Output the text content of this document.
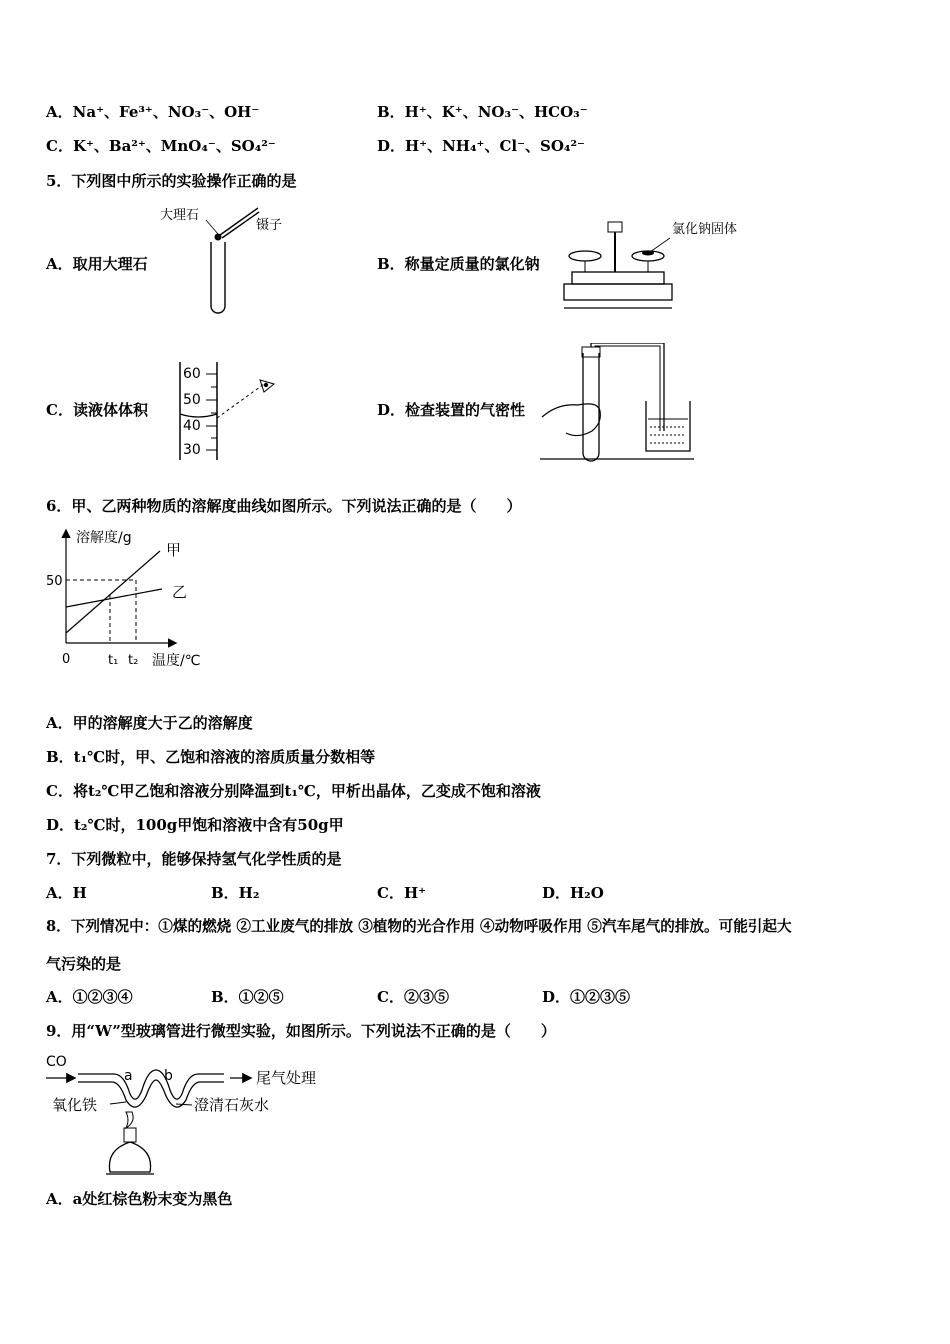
A．Na⁺、Fe³⁺、NO₃⁻、OH⁻	B．H⁺、K⁺、NO₃⁻、HCO₃⁻
C．K⁺、Ba²⁺、MnO₄⁻、SO₄²⁻	D．H⁺、NH₄⁺、Cl⁻、SO₄²⁻
5．下列图中所示的实验操作正确的是
A．取用大理石	B．称量定质量的氯化钠
C．读液体体积	D．检查装置的气密性
大理石
镊子	氯化钠固体
60
50
40
30
6．甲、乙两种物质的溶解度曲线如图所示。下列说法正确的是（　　）
溶解度/g
温度/℃
0
50
t₁ t₂
甲
乙
A．甲的溶解度大于乙的溶解度
B．t₁℃时，甲、乙饱和溶液的溶质质量分数相等
C．将t₂℃甲乙饱和溶液分别降温到t₁℃，甲析出晶体，乙变成不饱和溶液
D．t₂℃时，100g甲饱和溶液中含有50g甲
7．下列微粒中，能够保持氢气化学性质的是
A．H	B．H₂	C．H⁺	D．H₂O
8．下列情况中：①煤的燃烧 ②工业废气的排放 ③植物的光合作用 ④动物呼吸作用 ⑤汽车尾气的排放。可能引起大
气污染的是
A．①②③④	B．①②⑤	C．②③⑤	D．①②③⑤
9．用“W”型玻璃管进行微型实验，如图所示。下列说法不正确的是（　　）
CO
a b	尾气处理
氧化铁	澄清石灰水
A．a处红棕色粉末变为黑色
